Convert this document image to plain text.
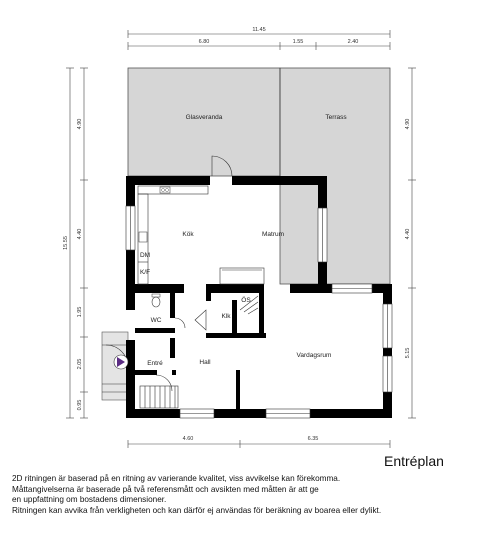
Glasveranda	Terrass
Kök	Matrum
DM
K/F
WC
Klk
ÖS
Entré	Hall
Vardagsrum
11.45
6.80	1.55	2.40
15.55
4.90
4.40
1.95
2.05
0.95
4.90
4.40
5.15
4.60	6.35
Entréplan
2D ritningen är baserad på en ritning av varierande kvalitet, viss avvikelse kan förekomma.
Måttangivelserna är baserade på två referensmått och avsikten med måtten är att ge
en uppfattning om bostadens dimensioner.
Ritningen kan avvika från verkligheten och kan därför ej användas för beräkning av boarea eller dylikt.
